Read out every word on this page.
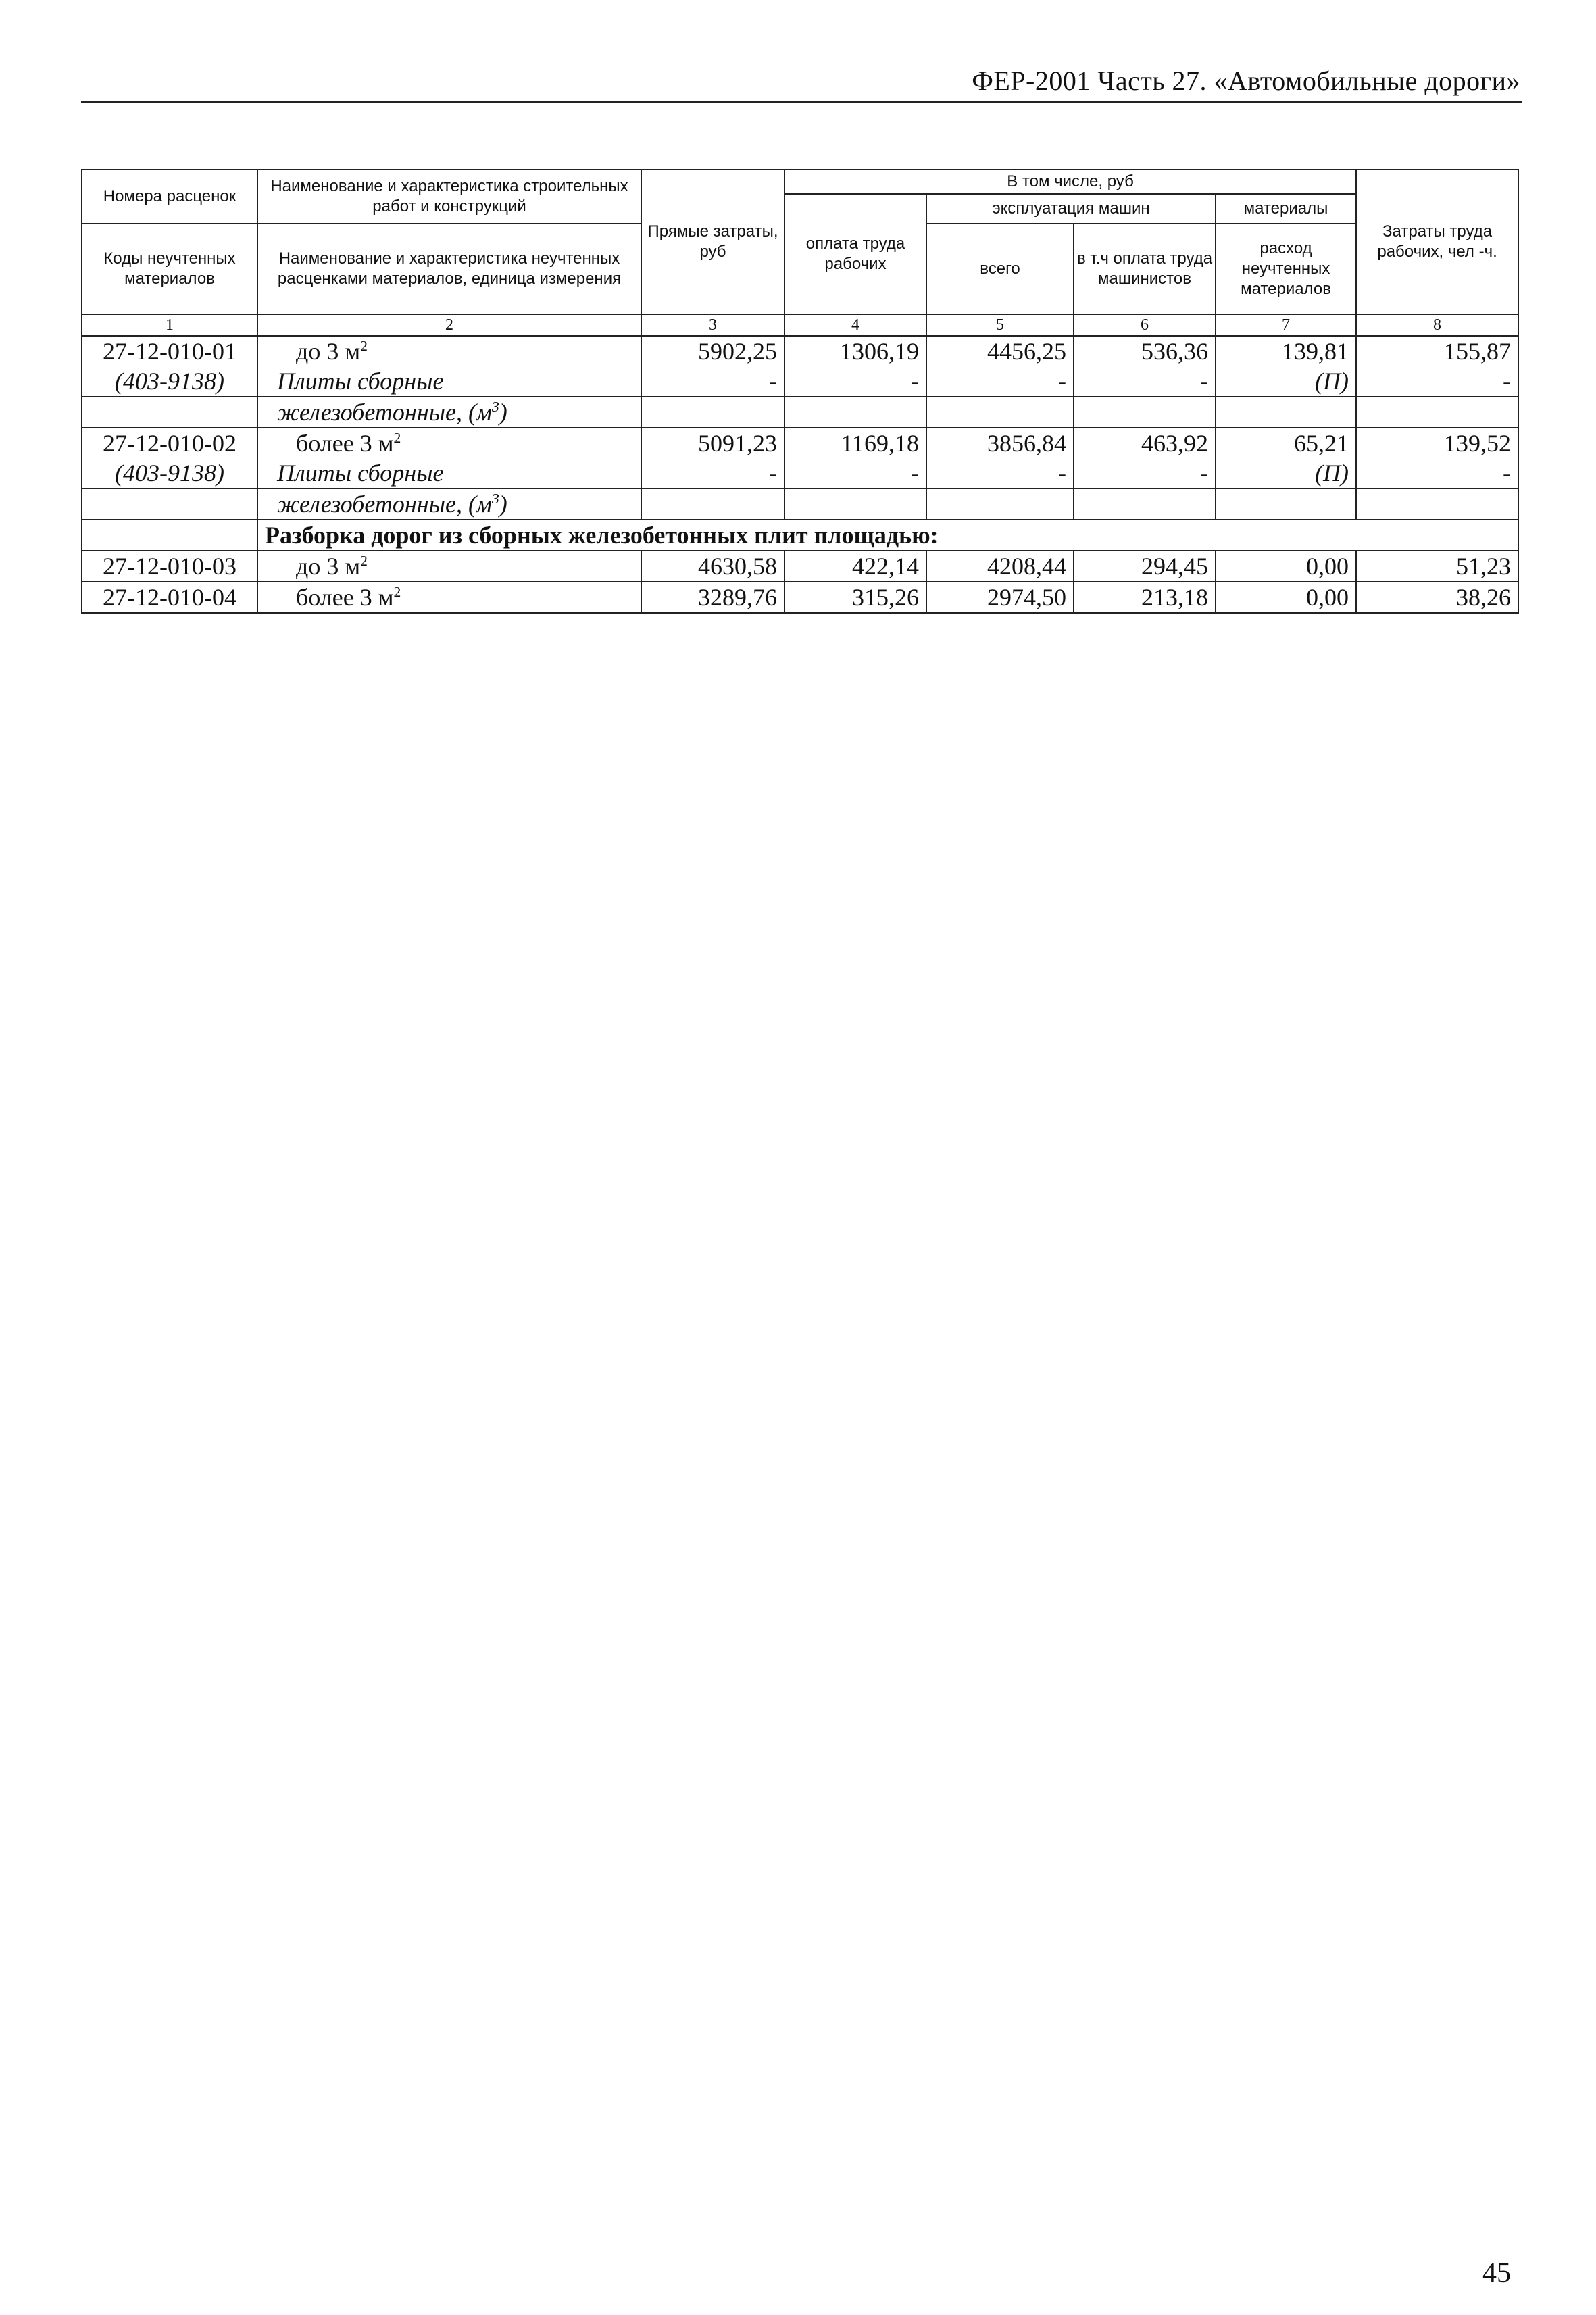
ФЕР-2001 Часть 27. «Автомобильные дороги»
Номера расценок	Наименование и характеристика строительных работ и конструкций	Прямые затраты, руб	В том числе, руб				Затраты труда рабочих, чел -ч.
			оплата труда рабочих	эксплуатация машин		материалы	
Коды неучтенных материалов	Наименование и характеристика неучтенных расценками материалов, единица измерения			всего	в т.ч оплата труда машинистов	расход неучтенных материалов	

1	2	3	4	5	6	7	8
27-12-010-01	до 3 $м^2$	5902,25	1306,19	4456,25	536,36	139,81	155,87
(403-9138)	Плиты сборные	-	-	-	-	(П)	-
	железобетонные, $(м^3)$						
27-12-010-02	более 3 $м^2$	5091,23	1169,18	3856,84	463,92	65,21	139,52
(403-9138)	Плиты сборные	-	-	-	-	(П)	-
	железобетонные, $(м^3)$						
	Разборка дорог из сборных железобетонных плит площадью:						
27-12-010-03	до 3 $м^2$	4630,58	422,14	4208,44	294,45	0,00	51,23
27-12-010-04	более 3 $м^2$	3289,76	315,26	2974,50	213,18	0,00	38,26
45
